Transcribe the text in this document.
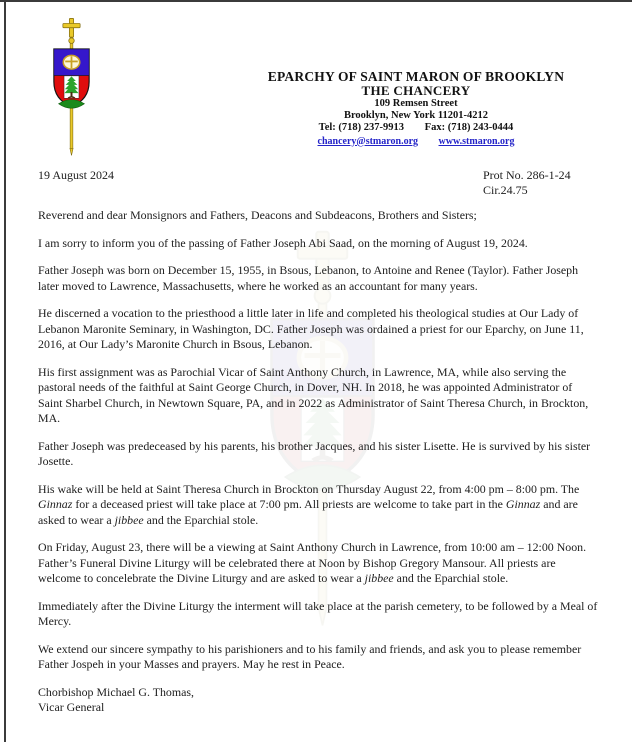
EPARCHY OF SAINT MARON OF BROOKLYN
THE CHANCERY
109 Remsen Street
Brooklyn, New York 11201-4212
Tel: (718) 237-9913 Fax: (718) 243-0444
chancery@stmaron.org www.stmaron.org
19 August 2024	Prot No. 286-1-24
Cir.24.75

Reverend and dear Monsignors and Fathers, Deacons and Subdeacons, Brothers and Sisters;

I am sorry to inform you of the passing of Father Joseph Abi Saad, on the morning of August 19, 2024.

Father Joseph was born on December 15, 1955, in Bsous, Lebanon, to Antoine and Renee (Taylor). Father Joseph later moved to Lawrence, Massachusetts, where he worked as an accountant for many years.

He discerned a vocation to the priesthood a little later in life and completed his theological studies at Our Lady of Lebanon Maronite Seminary, in Washington, DC. Father Joseph was ordained a priest for our Eparchy, on June 11, 2016, at Our Lady’s Maronite Church in Bsous, Lebanon.

His first assignment was as Parochial Vicar of Saint Anthony Church, in Lawrence, MA, while also serving the pastoral needs of the faithful at Saint George Church, in Dover, NH. In 2018, he was appointed Administrator of Saint Sharbel Church, in Newtown Square, PA, and in 2022 as Administrator of Saint Theresa Church, in Brockton, MA.

Father Joseph was predeceased by his parents, his brother Jacques, and his sister Lisette. He is survived by his sister Josette.

His wake will be held at Saint Theresa Church in Brockton on Thursday August 22, from 4:00 pm – 8:00 pm. The Ginnaz for a deceased priest will take place at 7:00 pm. All priests are welcome to take part in the Ginnaz and are asked to wear a jibbee and the Eparchial stole.

On Friday, August 23, there will be a viewing at Saint Anthony Church in Lawrence, from 10:00 am – 12:00 Noon. Father’s Funeral Divine Liturgy will be celebrated there at Noon by Bishop Gregory Mansour. All priests are welcome to concelebrate the Divine Liturgy and are asked to wear a jibbee and the Eparchial stole.

Immediately after the Divine Liturgy the interment will take place at the parish cemetery, to be followed by a Meal of Mercy.

We extend our sincere sympathy to his parishioners and to his family and friends, and ask you to please remember Father Jospeh in your Masses and prayers. May he rest in Peace.

Chorbishop Michael G. Thomas,
Vicar General
